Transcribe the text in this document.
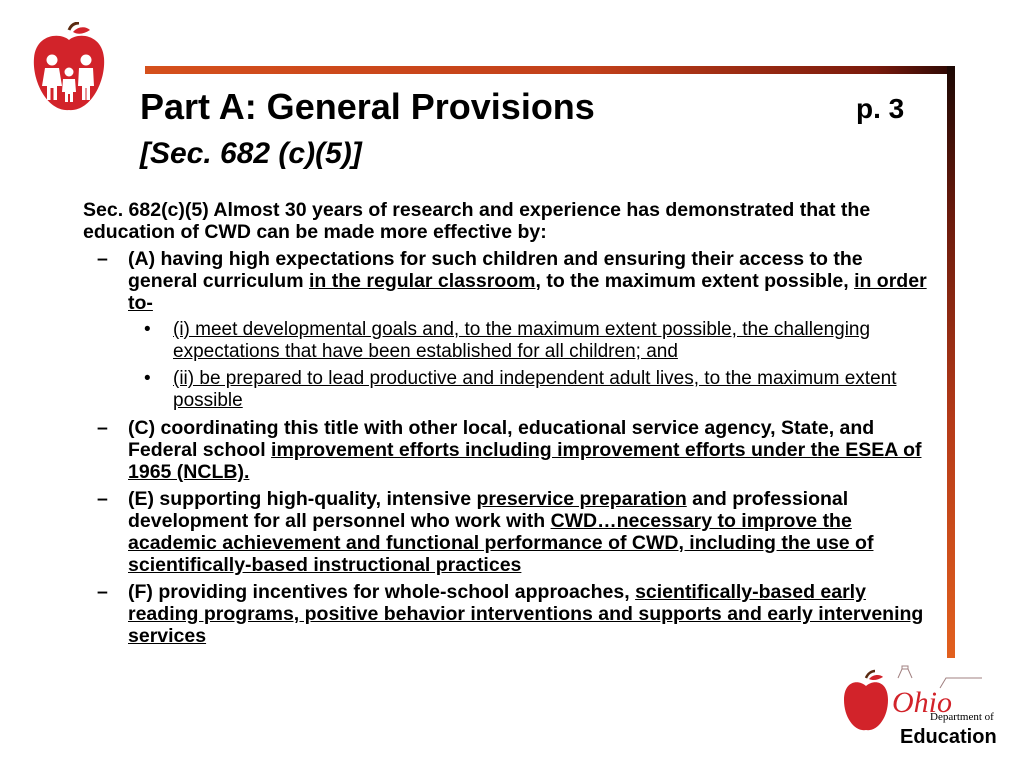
Part A: General Provisions	p. 3
[Sec. 682 (c)(5)]

Sec. 682(c)(5) Almost 30 years of research and experience has demonstrated that the education of CWD can be made more effective by:

– (A) having high expectations for such children and ensuring their access to the general curriculum in the regular classroom, to the maximum extent possible, in order to-
• (i) meet developmental goals and, to the maximum extent possible, the challenging expectations that have been established for all children; and
• (ii) be prepared to lead productive and independent adult lives, to the maximum extent possible
– (C) coordinating this title with other local, educational service agency, State, and Federal school improvement efforts including improvement efforts under the ESEA of 1965 (NCLB).
– (E) supporting high-quality, intensive preservice preparation and professional development for all personnel who work with CWD…necessary to improve the academic achievement and functional performance of CWD, including the use of scientifically-based instructional practices
– (F) providing incentives for whole-school approaches, scientifically-based early reading programs, positive behavior interventions and supports and early intervening services
Ohio
Department of
Education
